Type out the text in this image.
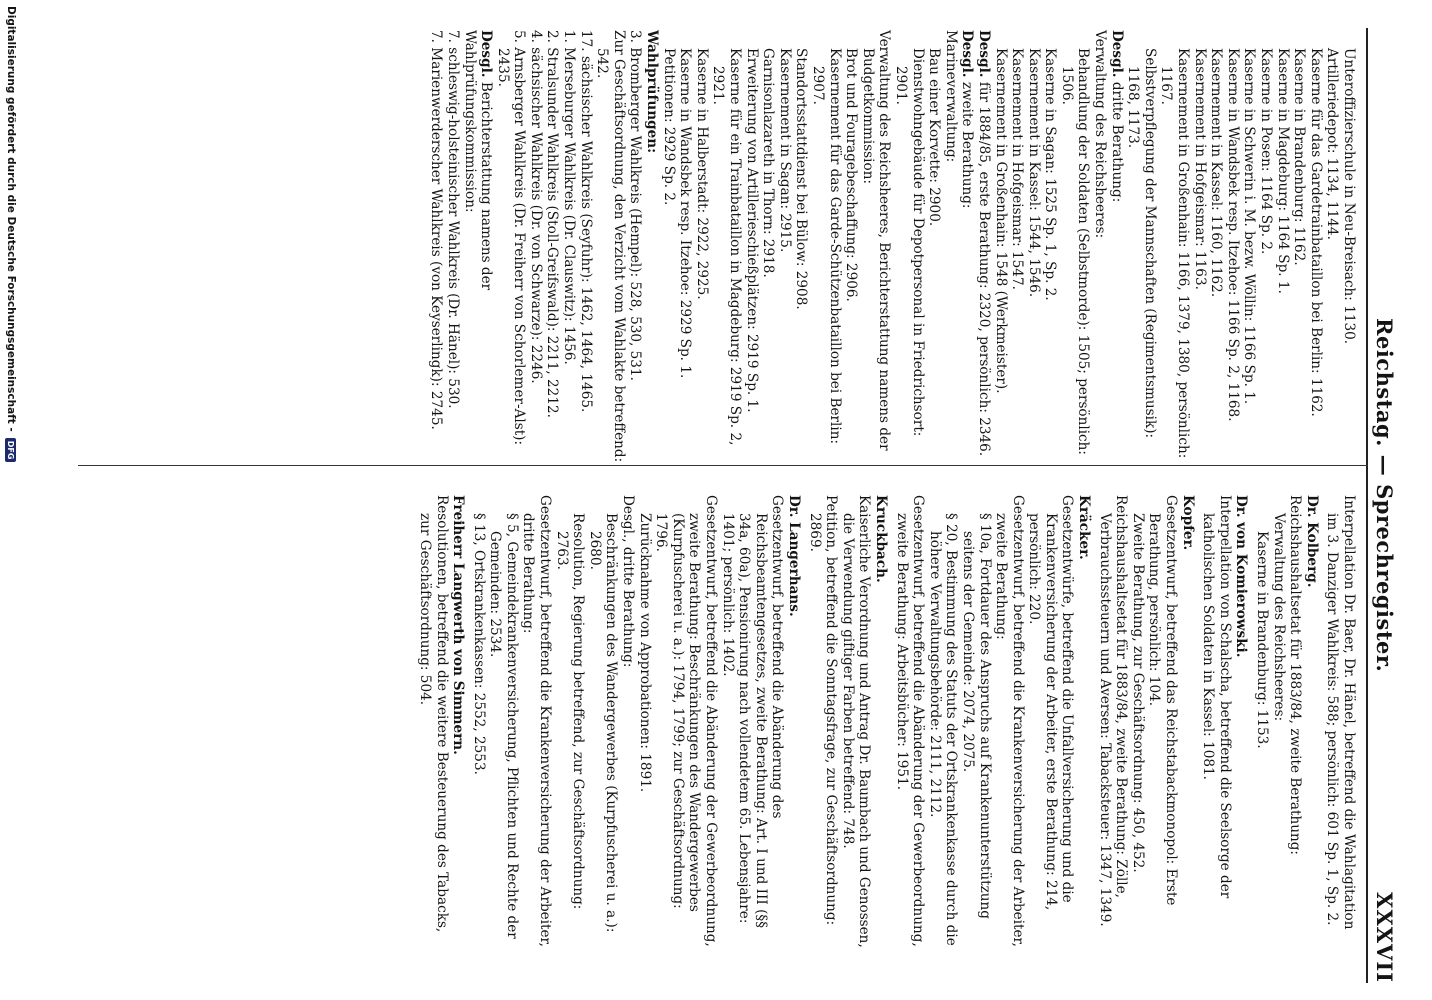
Reichstag. — Sprechregister.
XXXVII

Interpellation Dr. Baer, Dr. Hänel, betreffend die Wahlagitation im 3. Danziger Wahlkreis: 588; persönlich: 601 Sp. 1, Sp. 2.

Dr. Kolberg.

Reichshaushaltsetat für 1883/84, zweite Berathung:

Verwaltung des Reichsheeres:

Kaserne in Brandenburg: 1153.

Dr. von Komierowski.

Interpellation von Schalscha, betreffend die Seelsorge der katholischen Soldaten in Kassel: 1081.

Kopfer.

Gesetzentwurf, betreffend das Reichstabackmonopol: Erste Berathung, persönlich: 104.

Zweite Berathung, zur Geschäftsordnung: 450, 452.

Reichshaushaltsetat für 1883/84, zweite Berathung: Zölle, Verbrauchssteuern und Aversen: Tabacksteuer: 1347, 1349.

Kräcker.

Gesetzentwürfe, betreffend die Unfallversicherung und die Krankenversicherung der Arbeiter, erste Berathung: 214, persönlich: 220.

Gesetzentwurf, betreffend die Krankenversicherung der Arbeiter, zweite Berathung:

§ 10a, Fortdauer des Anspruchs auf Krankenunterstützung seitens der Gemeinde: 2074, 2075.

§ 20, Bestimmung des Statuts der Ortskrankenkasse durch die höhere Verwaltungsbehörde: 2111, 2112.

Gesetzentwurf, betreffend die Abänderung der Gewerbeordnung, zweite Berathung: Arbeitsbücher: 1951.

Kruckbach.

Kaiserliche Verordnung und Antrag Dr. Baumbach und Genossen, die Verwendung giftiger Farben betreffend: 748.

Petition, betreffend die Sonntagsfrage, zur Geschäftsordnung: 2869.

Dr. Langerhans.

Gesetzentwurf, betreffend die Abänderung des Reichsbeamtengesetzes, zweite Berathung: Art. I und III (§§ 34a, 60a), Pensionirung nach vollendetem 65. Lebensjahre: 1401; persönlich: 1402.

Gesetzentwurf, betreffend die Abänderung der Gewerbeordnung, zweite Berathung: Beschränkungen des Wandergewerbes (Kurpfuscherei u. a.): 1794, 1799; zur Geschäftsordnung: 1796.

Zurücknahme von Approbationen: 1891.

Desgl., dritte Berathung:

Beschränkungen des Wandergewerbes (Kurpfuscherei u. a.): 2680.

Resolution, Regierung betreffend, zur Geschäftsordnung: 2763.

Gesetzentwurf, betreffend die Krankenversicherung der Arbeiter, dritte Berathung:

§ 5, Gemeindekrankenversicherung, Pflichten und Rechte der Gemeinden: 2534.

§ 13, Ortskrankenkassen: 2552, 2553.

Freiherr Langwerth von Simmern.

Resolutionen, betreffend die weitere Besteuerung des Tabacks, zur Geschäftsordnung: 504.

Unteroffizierschule in Neu-Breisach: 1130.

Artilleriedepot: 1134, 1144.

Kaserne für das Gardetrainbataillon bei Berlin: 1162.

Kaserne in Brandenburg: 1162.

Kaserne in Magdeburg: 1164 Sp. 1.

Kaserne in Posen: 1164 Sp. 2.

Kaserne in Schwerin i. M. bezw. Wöllin: 1166 Sp. 1.

Kaserne in Wandsbek resp. Itzehoe: 1166 Sp. 2, 1168.

Kasernement in Kassel: 1160, 1162.

Kasernement in Hofgeismar: 1163.

Kasernement in Großenhain: 1166, 1379, 1380, persönlich: 1167.

Selbstverpflegung der Mannschaften (Regimentsmusik): 1168, 1173.

Desgl. dritte Berathung:

Verwaltung des Reichsheeres:

Behandlung der Soldaten (Selbstmorde): 1505; persönlich: 1506.

Kaserne in Sagan: 1525 Sp. 1, Sp. 2.

Kasernement in Kassel: 1544, 1546.

Kasernement in Hofgeismar: 1547.

Kasernement in Großenhain: 1548 (Werkmeister).

Desgl. für 1884/85, erste Berathung: 2320, persönlich: 2346.

Desgl. zweite Berathung:

Marineverwaltung:

Bau einer Korvette: 2900.

Dienstwohngebäude für Depotpersonal in Friedrichsort: 2901.

Verwaltung des Reichsheeres, Berichterstattung namens der Budgetkommission:

Brot und Fouragebeschaffung: 2906.

Kasernement für das Garde-Schützenbataillon bei Berlin: 2907.

Standortsstattdienst bei Bülow: 2908.

Kasernement in Sagan: 2915.

Garnisonlazareth in Thorn: 2918.

Erweiterung von Artillerieschießplätzen: 2919 Sp. 1.

Kaserne für ein Trainbataillon in Magdeburg: 2919 Sp. 2, 2921.

Kaserne in Halberstadt: 2922, 2925.

Kaserne in Wandsbek resp. Itzehoe: 2929 Sp. 1.

Petitionen: 2929 Sp. 2.

Wahlprüfungen:

3. Bromberger Wahlkreis (Hempel): 528, 530, 531.

Zur Geschäftsordnung, den Verzicht vom Wahlakte betreffend: 542.

17. sächsischer Wahlkreis (Seyfuhr): 1462, 1464, 1465.

1. Merseburger Wahlkreis (Dr. Clauswitz): 1456.

2. Stralsunder Wahlkreis (Stoll-Greifswald): 2211, 2212.

4. sächsischer Wahlkreis (Dr. von Schwarze): 2246.

5. Arnsberger Wahlkreis (Dr. Freiherr von Schorlemer-Alst): 2435.

Desgl. Berichterstattung namens der Wahlprüfungskommission:

7. schleswig-holsteinischer Wahlkreis (Dr. Hänel): 530.

7. Marienwerderscher Wahlkreis (von Keyserlingk): 2745.

Digitalisierung gefördert durch die Deutsche Forschungsgemeinschaft -
DFG
